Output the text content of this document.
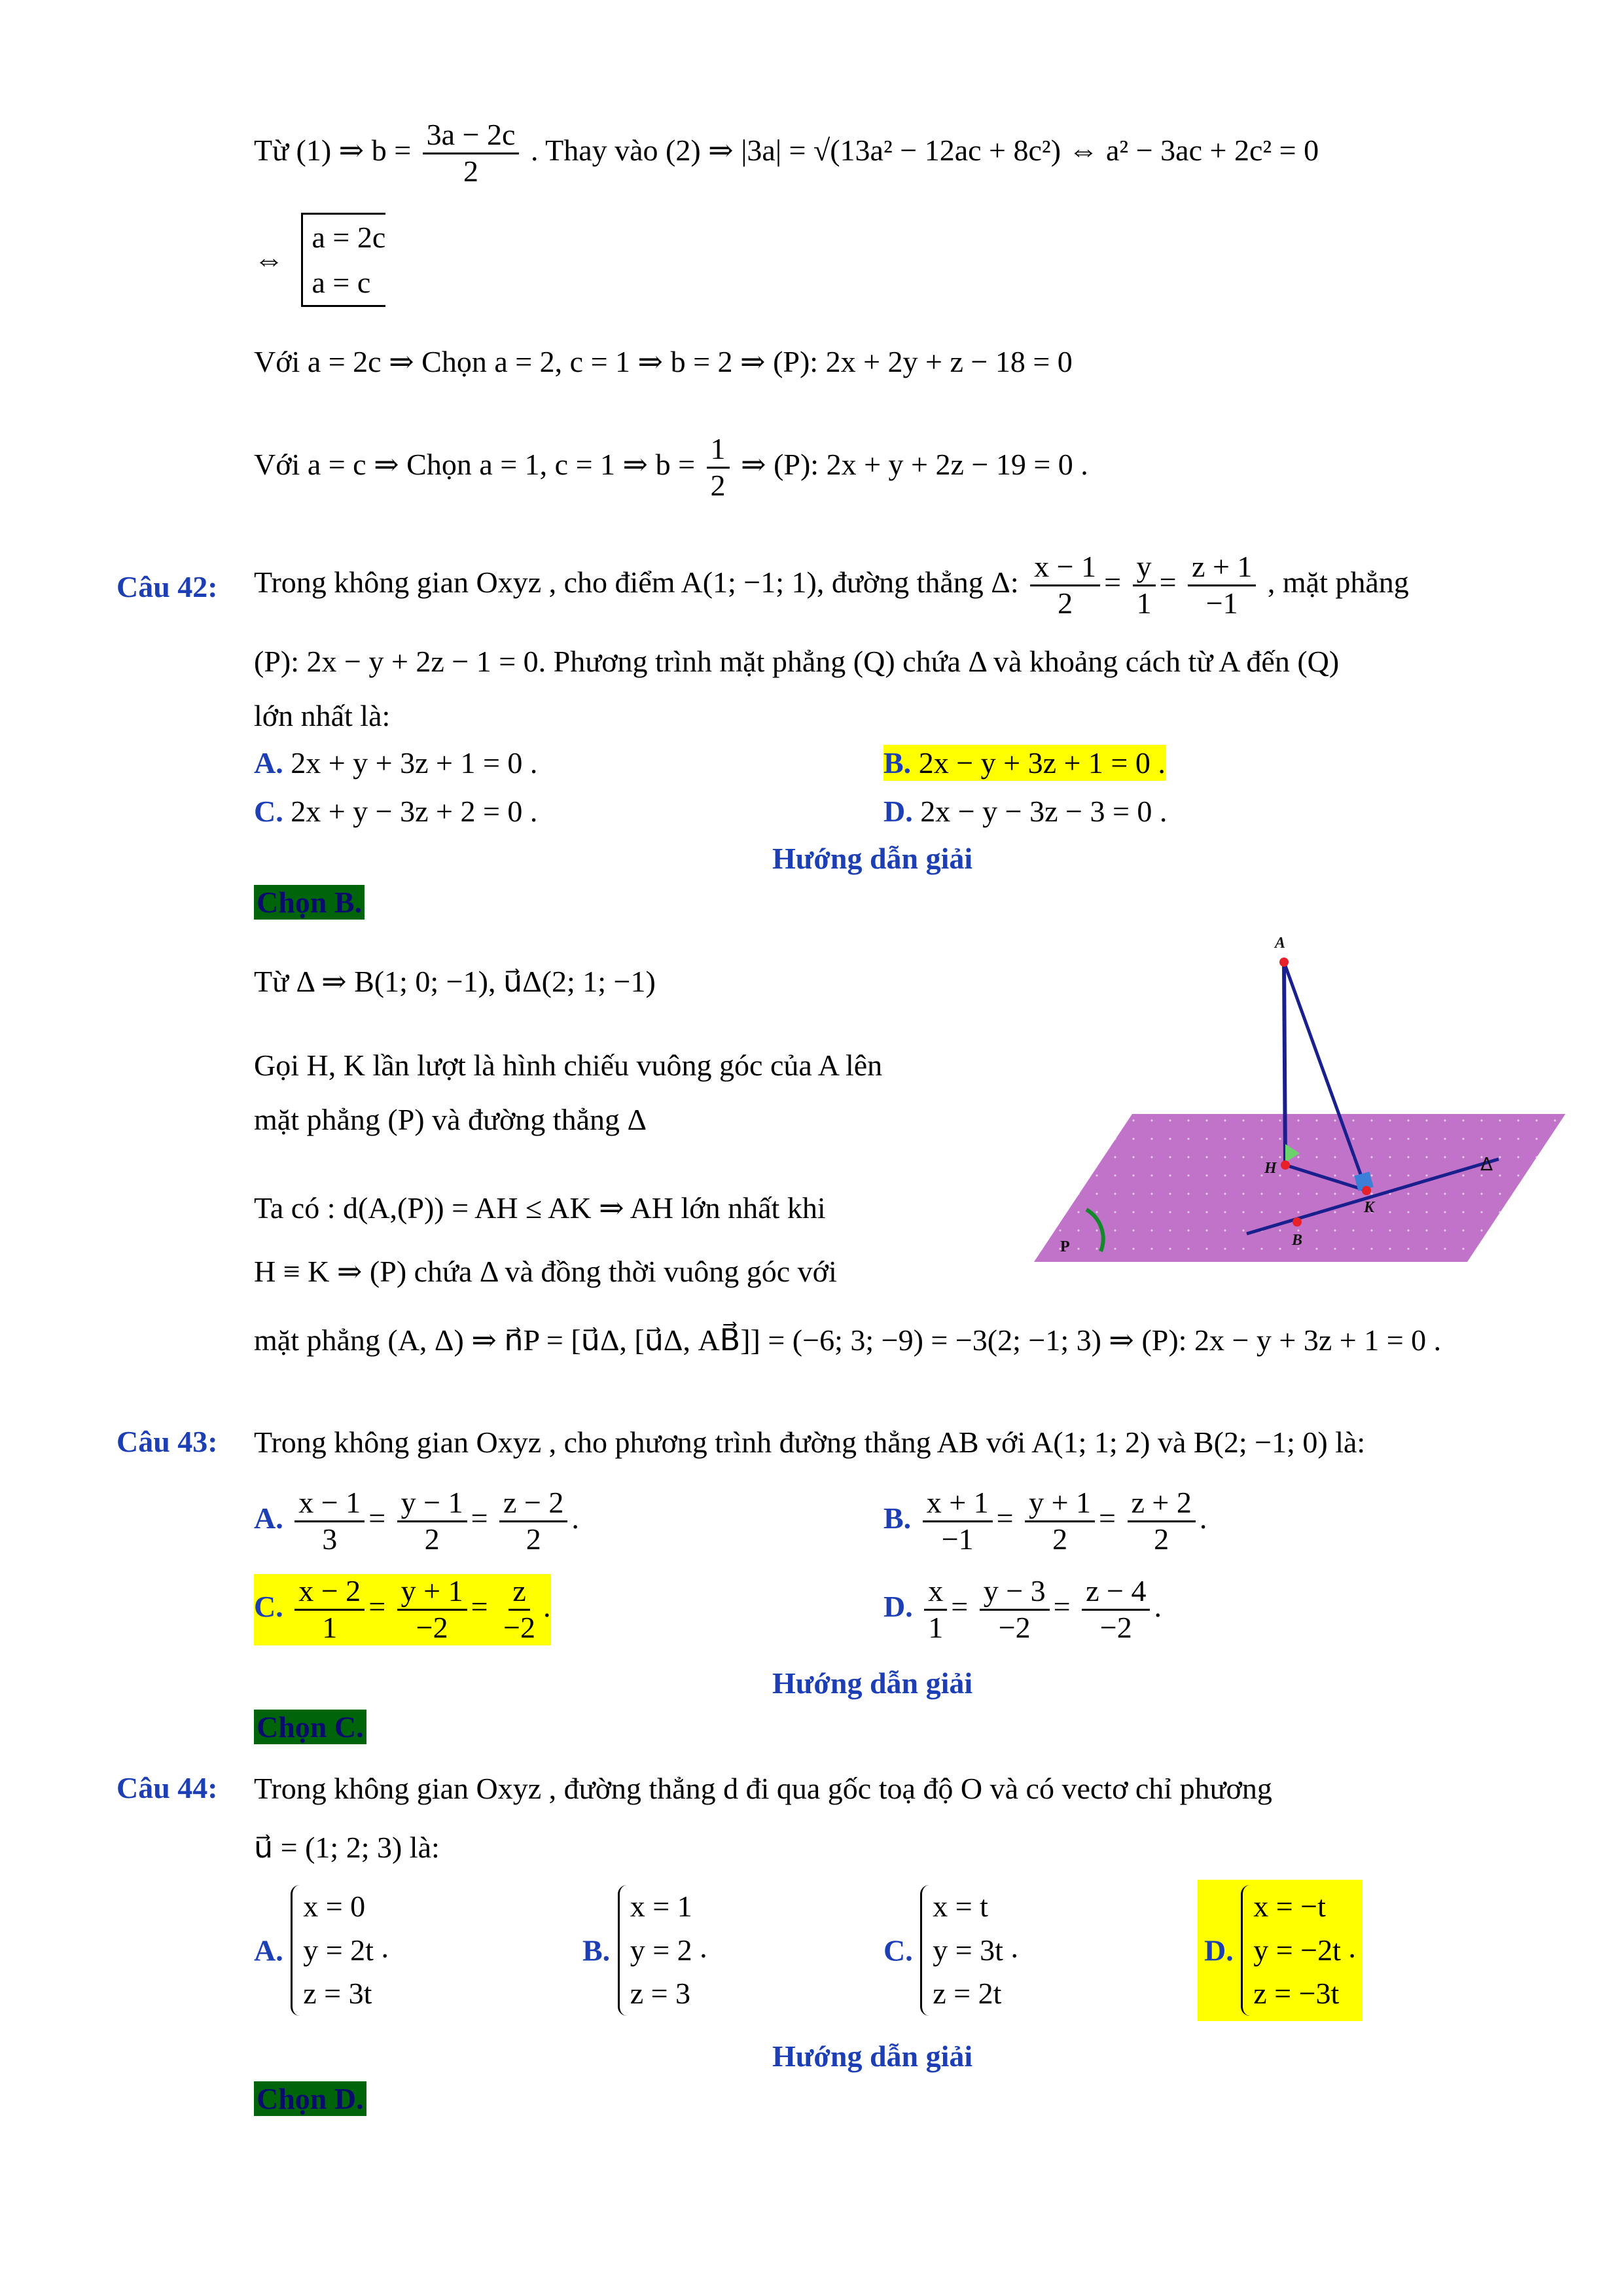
Từ (1) ⇒ $b = \frac{3a - 2c}{2}$ . Thay vào (2) ⇒ |3a| = √(13a² − 12ac + 8c²) ⇔ a² − 3ac + 2c² = 0
⇔
a = 2c
a = c
Với a = 2c ⇒ Chọn a = 2, c = 1 ⇒ b = 2 ⇒ (P): 2x + 2y + z − 18 = 0
Với a = c ⇒ Chọn a = 1, c = 1 ⇒ $b = \frac{1}{2}$ ⇒ (P): 2x + y + 2z − 19 = 0 .
Câu 42: Trong không gian Oxyz , cho điểm A(1; −1; 1), đường thẳng Δ: $\frac{x - 1}{2} = \frac{y}{1} = \frac{z + 1}{-1}$ , mặt phẳng
(P): 2x − y + 2z − 1 = 0. Phương trình mặt phẳng (Q) chứa Δ và khoảng cách từ A đến (Q)
lớn nhất là:
A. 2x + y + 3z + 1 = 0 .	B. 2x − y + 3z + 1 = 0 .
C. 2x + y − 3z + 2 = 0 .	D. 2x − y − 3z − 3 = 0 .
Hướng dẫn giải
Chọn B.
Từ Δ ⇒ B(1; 0; −1), u⃗Δ(2; 1; −1)
Gọi H, K lần lượt là hình chiếu vuông góc của A lên
mặt phẳng (P) và đường thẳng Δ
Ta có : d(A,(P)) = AH ≤ AK ⇒ AH lớn nhất khi
H ≡ K ⇒ (P) chứa Δ và đồng thời vuông góc với
mặt phẳng (A, Δ) ⇒ n⃗P = [u⃗Δ, [u⃗Δ, AB⃗]] = (−6; 3; −9) = −3(2; −1; 3) ⇒ (P): 2x − y + 3z + 1 = 0 .
A
H
K
B
P
Δ
Câu 43: Trong không gian Oxyz , cho phương trình đường thẳng AB với A(1; 1; 2) và B(2; −1; 0) là:
A. $\frac{x - 1}{3} = \frac{y - 1}{2} = \frac{z - 2}{2}$ .	B. $\frac{x + 1}{-1} = \frac{y + 1}{2} = \frac{z + 2}{2}$ .
C. $\frac{x - 2}{1} = \frac{y + 1}{-2} = \frac{z}{-2}$ .	D. $\frac{x}{1} = \frac{y - 3}{-2} = \frac{z - 4}{-2}$ .
Hướng dẫn giải
Chọn C.
Câu 44: Trong không gian Oxyz , đường thẳng d đi qua gốc toạ độ O và có vectơ chỉ phương
u⃗ = (1; 2; 3) là:
A.
x = 0
y = 2t
z = 3t
.	B.
x = 1
y = 2
z = 3
.	C.
x = t
y = 3t
z = 2t
.	D.
x = −t
y = −2t
z = −3t
.
Hướng dẫn giải
Chọn D.
